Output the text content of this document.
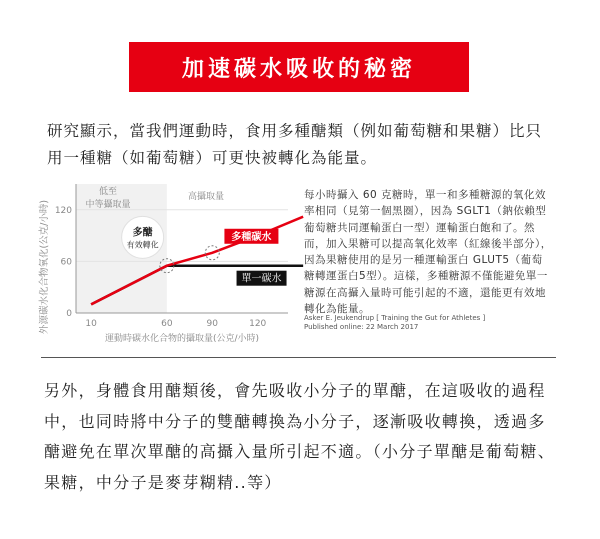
加速碳水吸收的秘密
研究顯示，當我們運動時，食用多種醣類（例如葡萄糖和果糖）比只用一種糖（如葡萄糖）可更快被轉化為能量。
低至
中等攝取量
高攝取量
10	60	90	120
0
60
120
運動時碳水化合物的攝取量(公克/小時)
多種碳水
單一碳水
多醣
有效轉化
外源碳水化合物氧化(公克/小時)
每小時攝入 60 克糖時，單一和多種糖源的氧化效率相同（見第一個黑圈），因為 SGLT1（鈉依賴型葡萄糖共同運輸蛋白一型）運輸蛋白飽和了。然而，加入果糖可以提高氧化效率（紅線後半部分），因為果糖使用的是另一種運輸蛋白 GLUT5（葡萄糖轉運蛋白5型）。這樣，多種糖源不僅能避免單一糖源在高攝入量時可能引起的不適，還能更有效地轉化為能量。
Asker E. Jeukendrup [ Training the Gut for Athletes ]
Published online: 22 March 2017
另外，身體食用醣類後，會先吸收小分子的單醣，在這吸收的過程中，也同時將中分子的雙醣轉換為小分子，逐漸吸收轉換，透過多醣避免在單次單醣的高攝入量所引起不適。（小分子單醣是葡萄糖、果糖，中分子是麥芽糊精..等）
